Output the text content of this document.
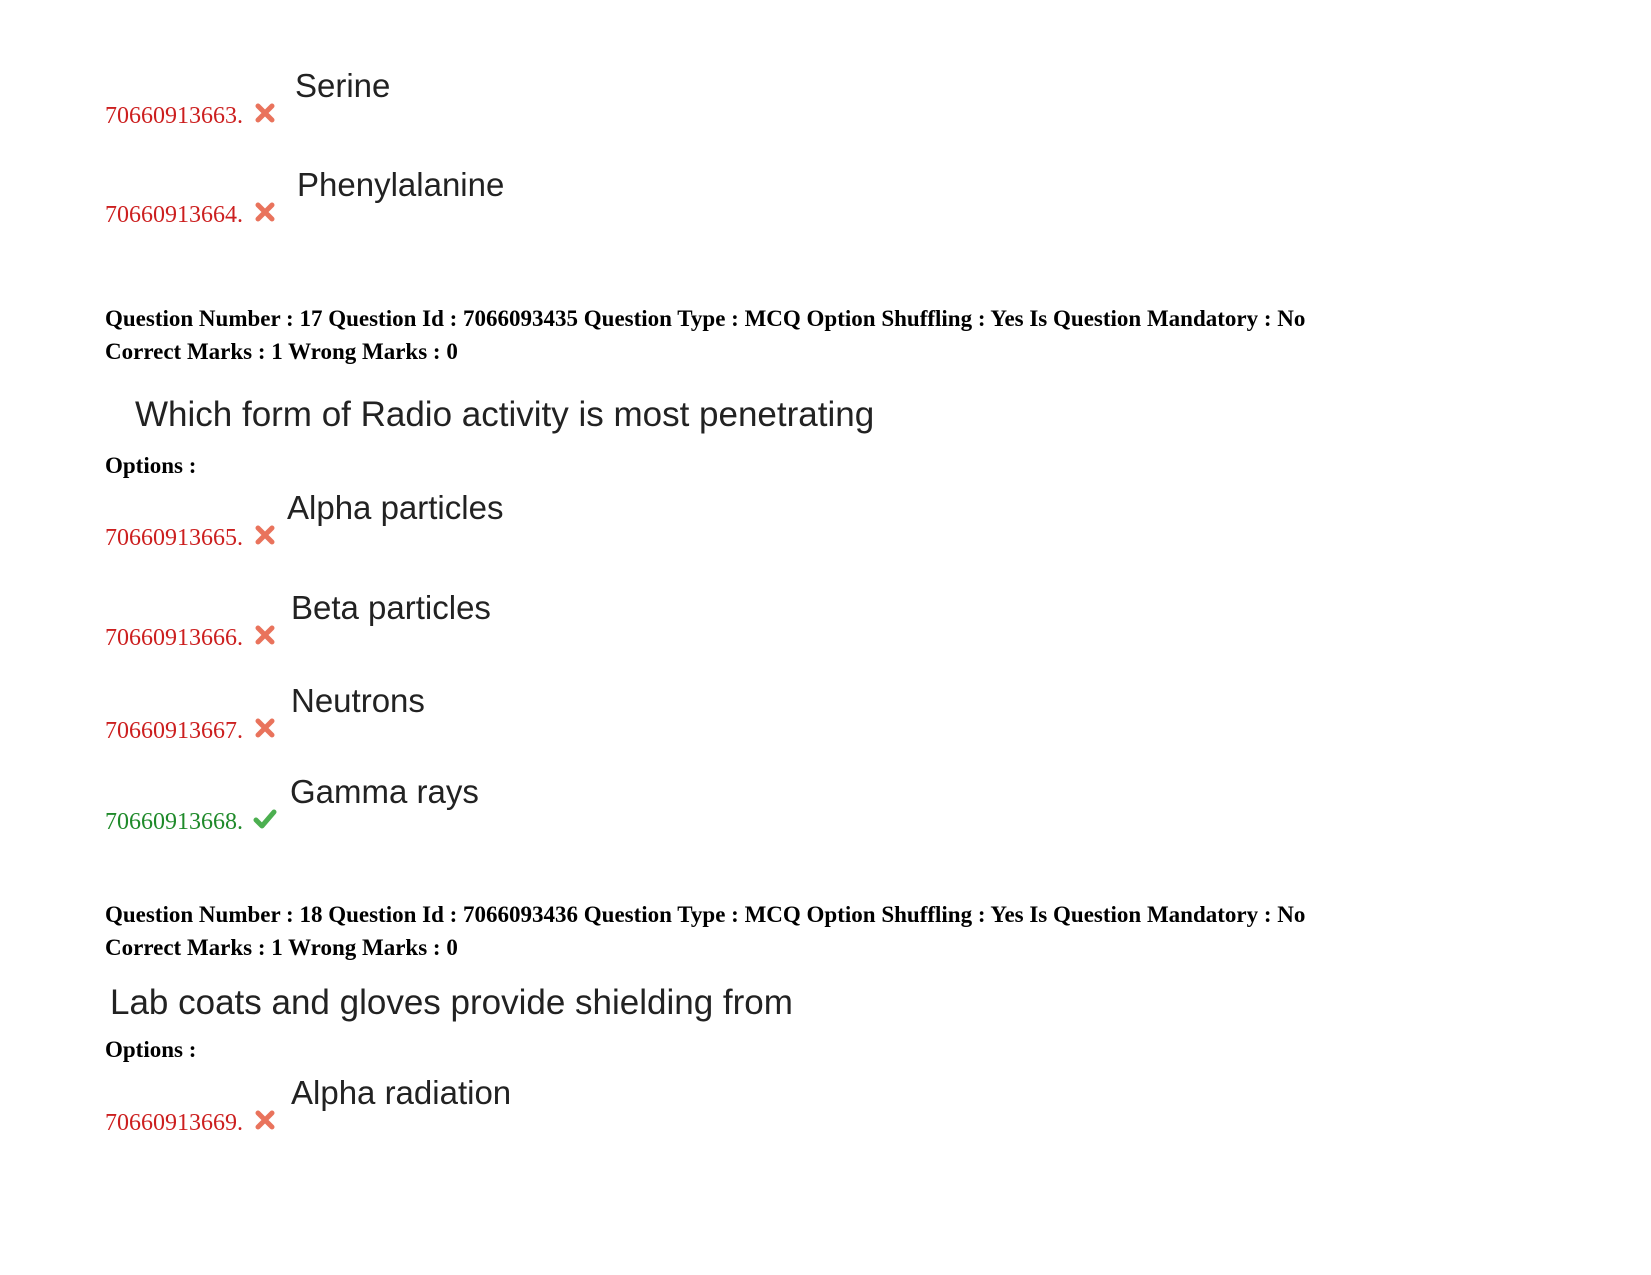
70660913663.
Serine
70660913664.
Phenylalanine
Question Number : 17 Question Id : 7066093435 Question Type : MCQ Option Shuffling : Yes Is Question Mandatory : No
Correct Marks : 1 Wrong Marks : 0
Which form of Radio activity is most penetrating
Options :
70660913665.
Alpha particles
70660913666.
Beta particles
70660913667.
Neutrons
70660913668.
Gamma rays
Question Number : 18 Question Id : 7066093436 Question Type : MCQ Option Shuffling : Yes Is Question Mandatory : No
Correct Marks : 1 Wrong Marks : 0
Lab coats and gloves provide shielding from
Options :
70660913669.
Alpha radiation
